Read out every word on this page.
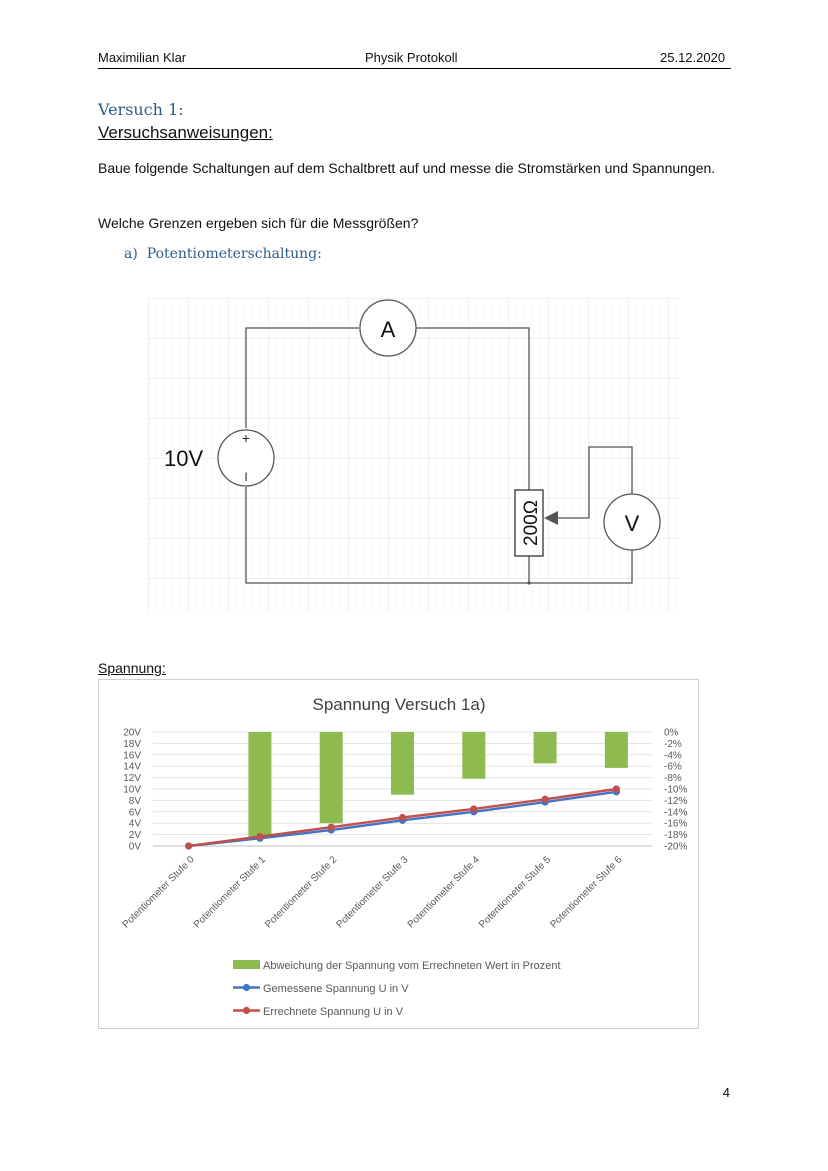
Maximilian Klar	Physik Protokoll	25.12.2020
Versuch 1:
Versuchsanweisungen:
Baue folgende Schaltungen auf dem Schaltbrett auf und messe die Stromstärken und Spannungen.
Welche Grenzen ergeben sich für die Messgrößen?
a) Potentiometerschaltung:
+
I
10V
A
V
200Ω
Spannung:
Spannung Versuch 1a)
20V
18V
16V
14V
12V
10V
8V
6V
4V
2V
0V
0%
-2%
-4%
-6%
-8%
-10%
-12%
-14%
-16%
-18%
-20%
Potentiometer Stufe 0
Potentiometer Stufe 1
Potentiometer Stufe 2
Potentiometer Stufe 3
Potentiometer Stufe 4
Potentiometer Stufe 5
Potentiometer Stufe 6
Abweichung der Spannung vom Errechneten Wert in Prozent
Gemessene Spannung U in V
Errechnete Spannung U in V
4
